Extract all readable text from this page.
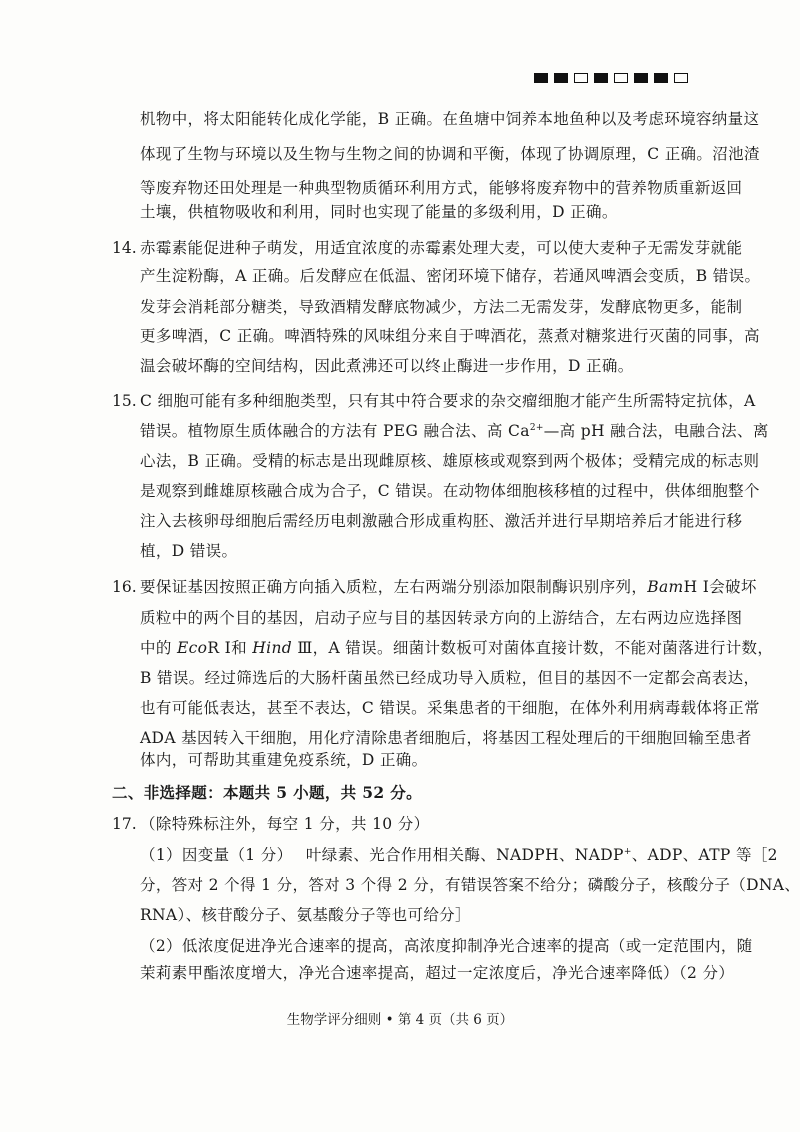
机物中，将太阳能转化成化学能，B 正确。在鱼塘中饲养本地鱼种以及考虑环境容纳量这
体现了生物与环境以及生物与生物之间的协调和平衡，体现了协调原理，C 正确。沼池渣
等废弃物还田处理是一种典型物质循环利用方式，能够将废弃物中的营养物质重新返回
土壤，供植物吸收和利用，同时也实现了能量的多级利用，D 正确。
14. 赤霉素能促进种子萌发，用适宜浓度的赤霉素处理大麦，可以使大麦种子无需发芽就能
产生淀粉酶，A 正确。后发酵应在低温、密闭环境下储存，若通风啤酒会变质，B 错误。
发芽会消耗部分糖类，导致酒精发酵底物减少，方法二无需发芽，发酵底物更多，能制
更多啤酒，C 正确。啤酒特殊的风味组分来自于啤酒花，蒸煮对糖浆进行灭菌的同事，高
温会破坏酶的空间结构，因此煮沸还可以终止酶进一步作用，D 正确。
15. C 细胞可能有多种细胞类型，只有其中符合要求的杂交瘤细胞才能产生所需特定抗体，A
错误。植物原生质体融合的方法有 PEG 融合法、高 $Ca^{2+}—$高 pH 融合法，电融合法、离
心法，B 正确。受精的标志是出现雌原核、雄原核或观察到两个极体；受精完成的标志则
是观察到雌雄原核融合成为合子，C 错误。在动物体细胞核移植的过程中，供体细胞整个
注入去核卵母细胞后需经历电刺激融合形成重构胚、激活并进行早期培养后才能进行移
植，D 错误。
16. 要保证基因按照正确方向插入质粒，左右两端分别添加限制酶识别序列，BamH Ⅰ会破坏
质粒中的两个目的基因，启动子应与目的基因转录方向的上游结合，左右两边应选择图
中的 EcoR Ⅰ和 Hind Ⅲ，A 错误。细菌计数板可对菌体直接计数，不能对菌落进行计数，
B 错误。经过筛选后的大肠杆菌虽然已经成功导入质粒，但目的基因不一定都会高表达，
也有可能低表达，甚至不表达，C 错误。采集患者的干细胞，在体外利用病毒载体将正常
ADA 基因转入干细胞，用化疗清除患者细胞后，将基因工程处理后的干细胞回输至患者
体内，可帮助其重建免疫系统，D 正确。
二、非选择题：本题共 5 小题，共 52 分。
17. （除特殊标注外，每空 1 分，共 10 分）
（1）因变量（1 分）　 叶绿素、光合作用相关酶、NADPH、NADP+、ADP、ATP 等［2
分，答对 2 个得 1 分，答对 3 个得 2 分，有错误答案不给分；磷酸分子，核酸分子（DNA、
RNA）、核苷酸分子、氨基酸分子等也可给分］
（2）低浓度促进净光合速率的提高，高浓度抑制净光合速率的提高（或一定范围内，随
茉莉素甲酯浓度增大，净光合速率提高，超过一定浓度后，净光合速率降低）（2 分）
生物学评分细则 • 第 4 页（共 6 页）
